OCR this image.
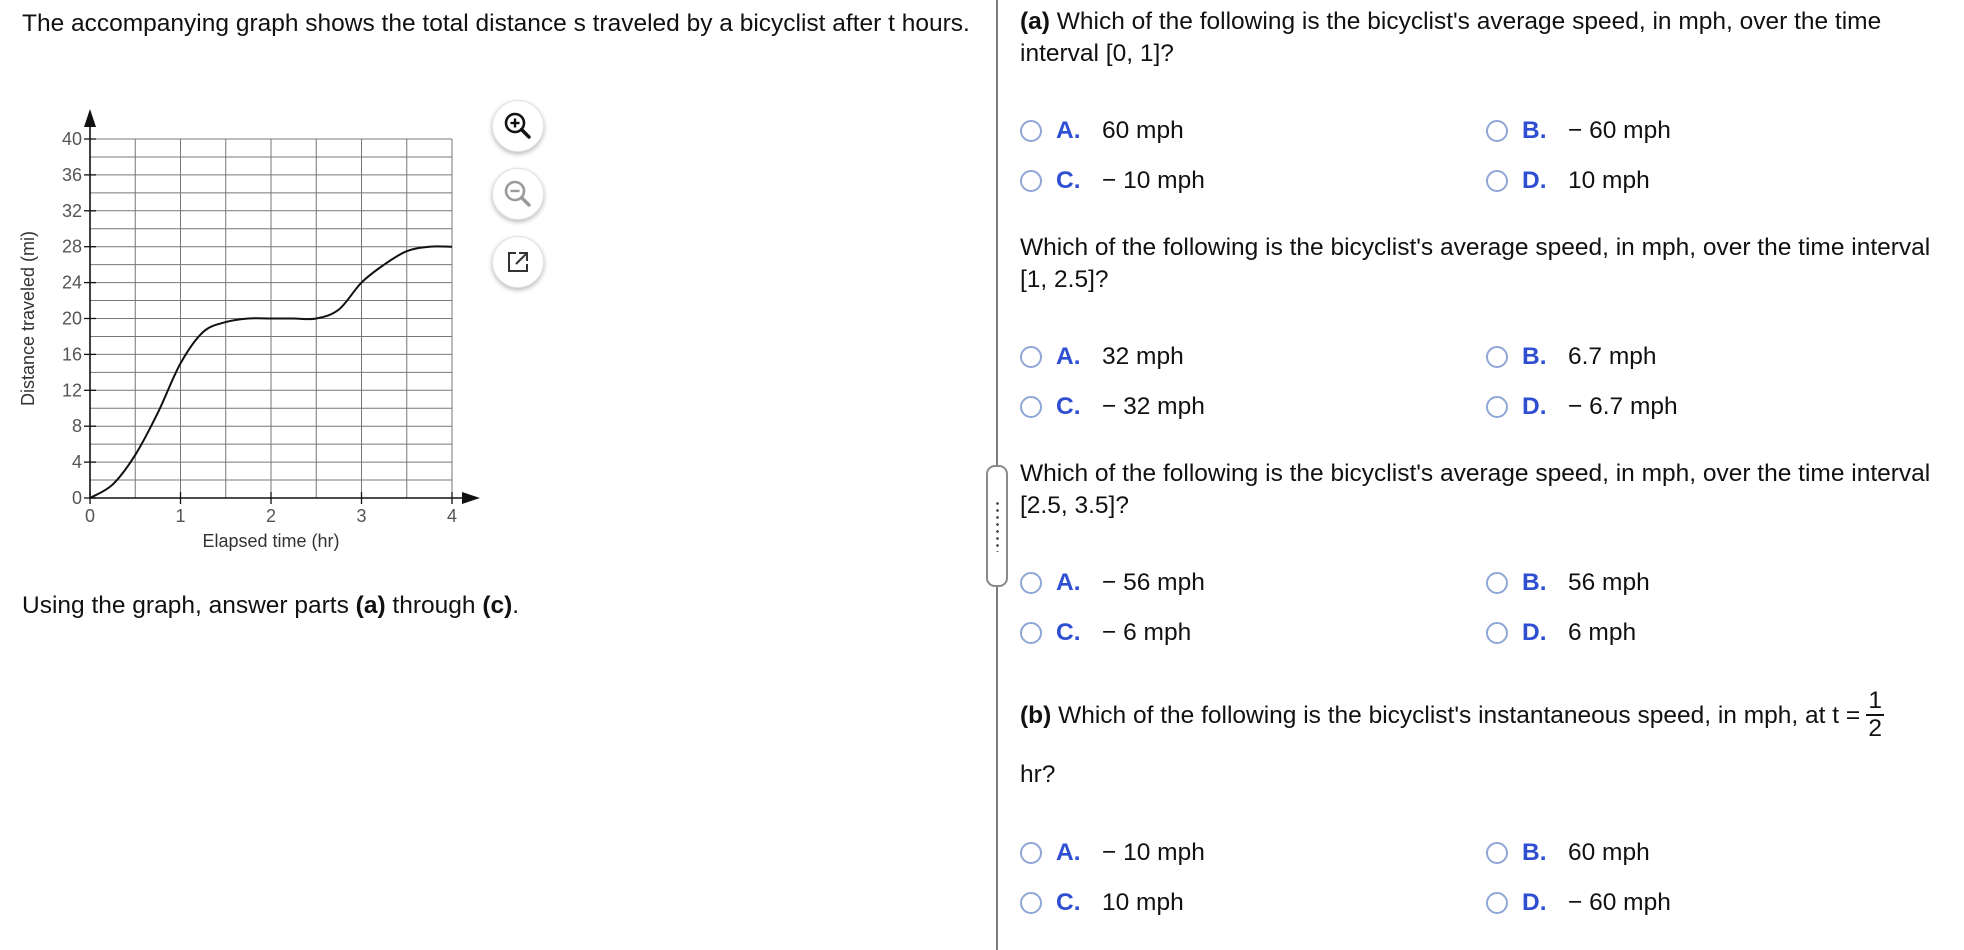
The accompanying graph shows the total distance s traveled by a bicyclist after t hours.
0
4
8
12
16
20
24
28
32
36
40
0	1	2	3	4
Elapsed time (hr)
Distance traveled (mi)
Using the graph, answer parts (a) through (c).
(a) Which of the following is the bicyclist's average speed, in mph, over the time interval [0, 1]?
A. 60 mph	B. − 60 mph
C. − 10 mph	D. 10 mph
Which of the following is the bicyclist's average speed, in mph, over the time interval [1, 2.5]?
A. 32 mph	B. 6.7 mph
C. − 32 mph	D. − 6.7 mph
Which of the following is the bicyclist's average speed, in mph, over the time interval [2.5, 3.5]?
A. − 56 mph	B. 56 mph
C. − 6 mph	D. 6 mph
(b) Which of the following is the bicyclist's instantaneous speed, in mph, at $t = \frac{1}{2}$
hr?
A. − 10 mph	B. 60 mph
C. 10 mph	D. − 60 mph
